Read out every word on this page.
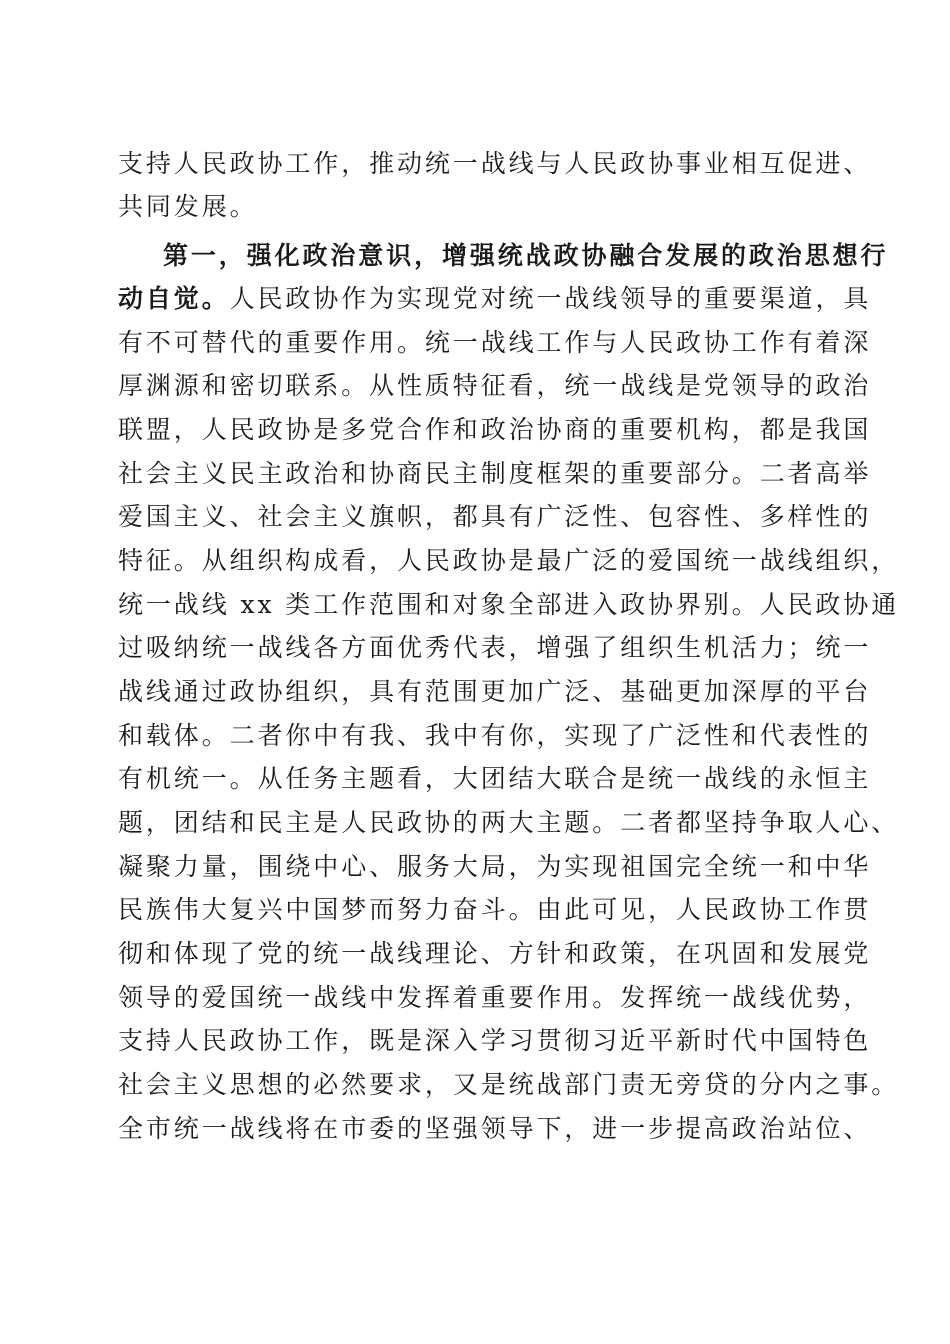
支持人民政协工作，推动统一战线与人民政协事业相互促进、
共同发展。
第一，强化政治意识，增强统战政协融合发展的政治思想行
动自觉。人民政协作为实现党对统一战线领导的重要渠道，具
有不可替代的重要作用。统一战线工作与人民政协工作有着深
厚渊源和密切联系。从性质特征看，统一战线是党领导的政治
联盟，人民政协是多党合作和政治协商的重要机构，都是我国
社会主义民主政治和协商民主制度框架的重要部分。二者高举
爱国主义、社会主义旗帜，都具有广泛性、包容性、多样性的
特征。从组织构成看，人民政协是最广泛的爱国统一战线组织，
统一战线 xx 类工作范围和对象全部进入政协界别。人民政协通
过吸纳统一战线各方面优秀代表，增强了组织生机活力；统一
战线通过政协组织，具有范围更加广泛、基础更加深厚的平台
和载体。二者你中有我、我中有你，实现了广泛性和代表性的
有机统一。从任务主题看，大团结大联合是统一战线的永恒主
题，团结和民主是人民政协的两大主题。二者都坚持争取人心、
凝聚力量，围绕中心、服务大局，为实现祖国完全统一和中华
民族伟大复兴中国梦而努力奋斗。由此可见，人民政协工作贯
彻和体现了党的统一战线理论、方针和政策，在巩固和发展党
领导的爱国统一战线中发挥着重要作用。发挥统一战线优势，
支持人民政协工作，既是深入学习贯彻习近平新时代中国特色
社会主义思想的必然要求，又是统战部门责无旁贷的分内之事。
全市统一战线将在市委的坚强领导下，进一步提高政治站位、
